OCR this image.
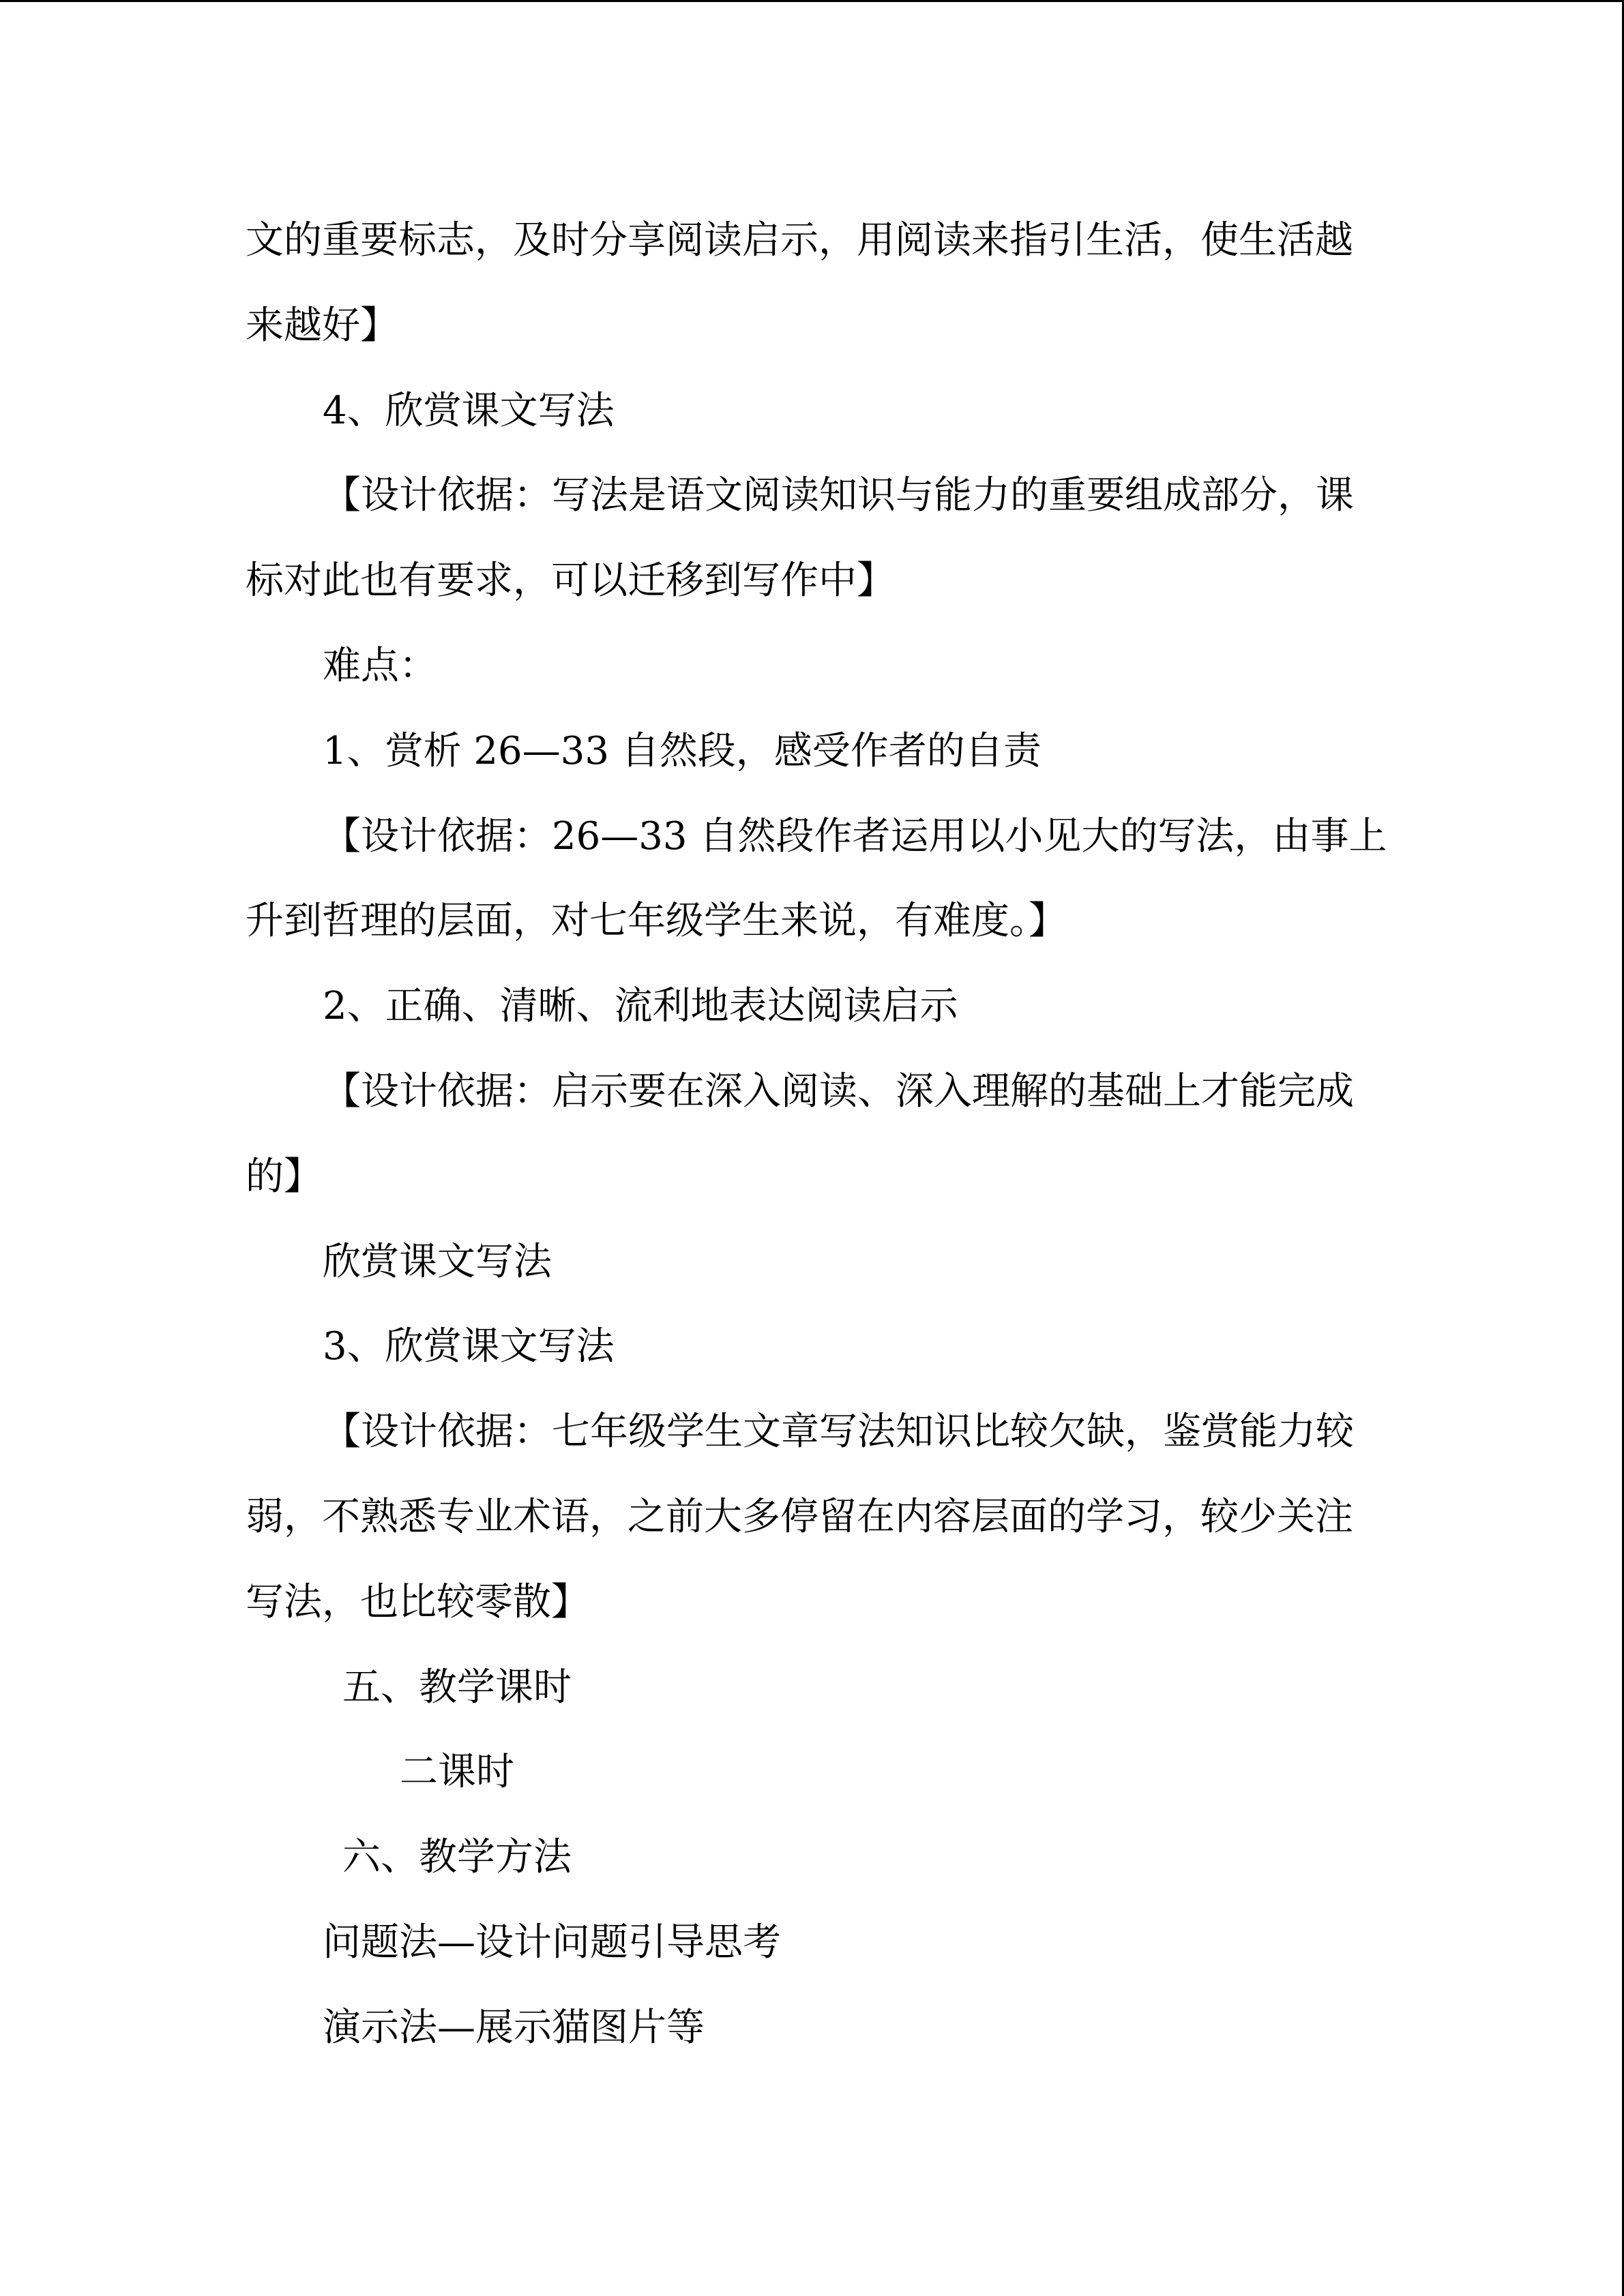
文的重要标志，及时分享阅读启示，用阅读来指引生活，使生活越

来越好】

4、欣赏课文写法

【设计依据：写法是语文阅读知识与能力的重要组成部分，课

标对此也有要求，可以迁移到写作中】

难点：

1、赏析 26—33 自然段，感受作者的自责

【设计依据：26—33 自然段作者运用以小见大的写法，由事上

升到哲理的层面，对七年级学生来说，有难度。】

2、正确、清晰、流利地表达阅读启示

【设计依据：启示要在深入阅读、深入理解的基础上才能完成

的】

欣赏课文写法

3、欣赏课文写法

【设计依据：七年级学生文章写法知识比较欠缺，鉴赏能力较

弱，不熟悉专业术语，之前大多停留在内容层面的学习，较少关注

写法，也比较零散】

五、教学课时

二课时

六、教学方法

问题法—设计问题引导思考

演示法—展示猫图片等
